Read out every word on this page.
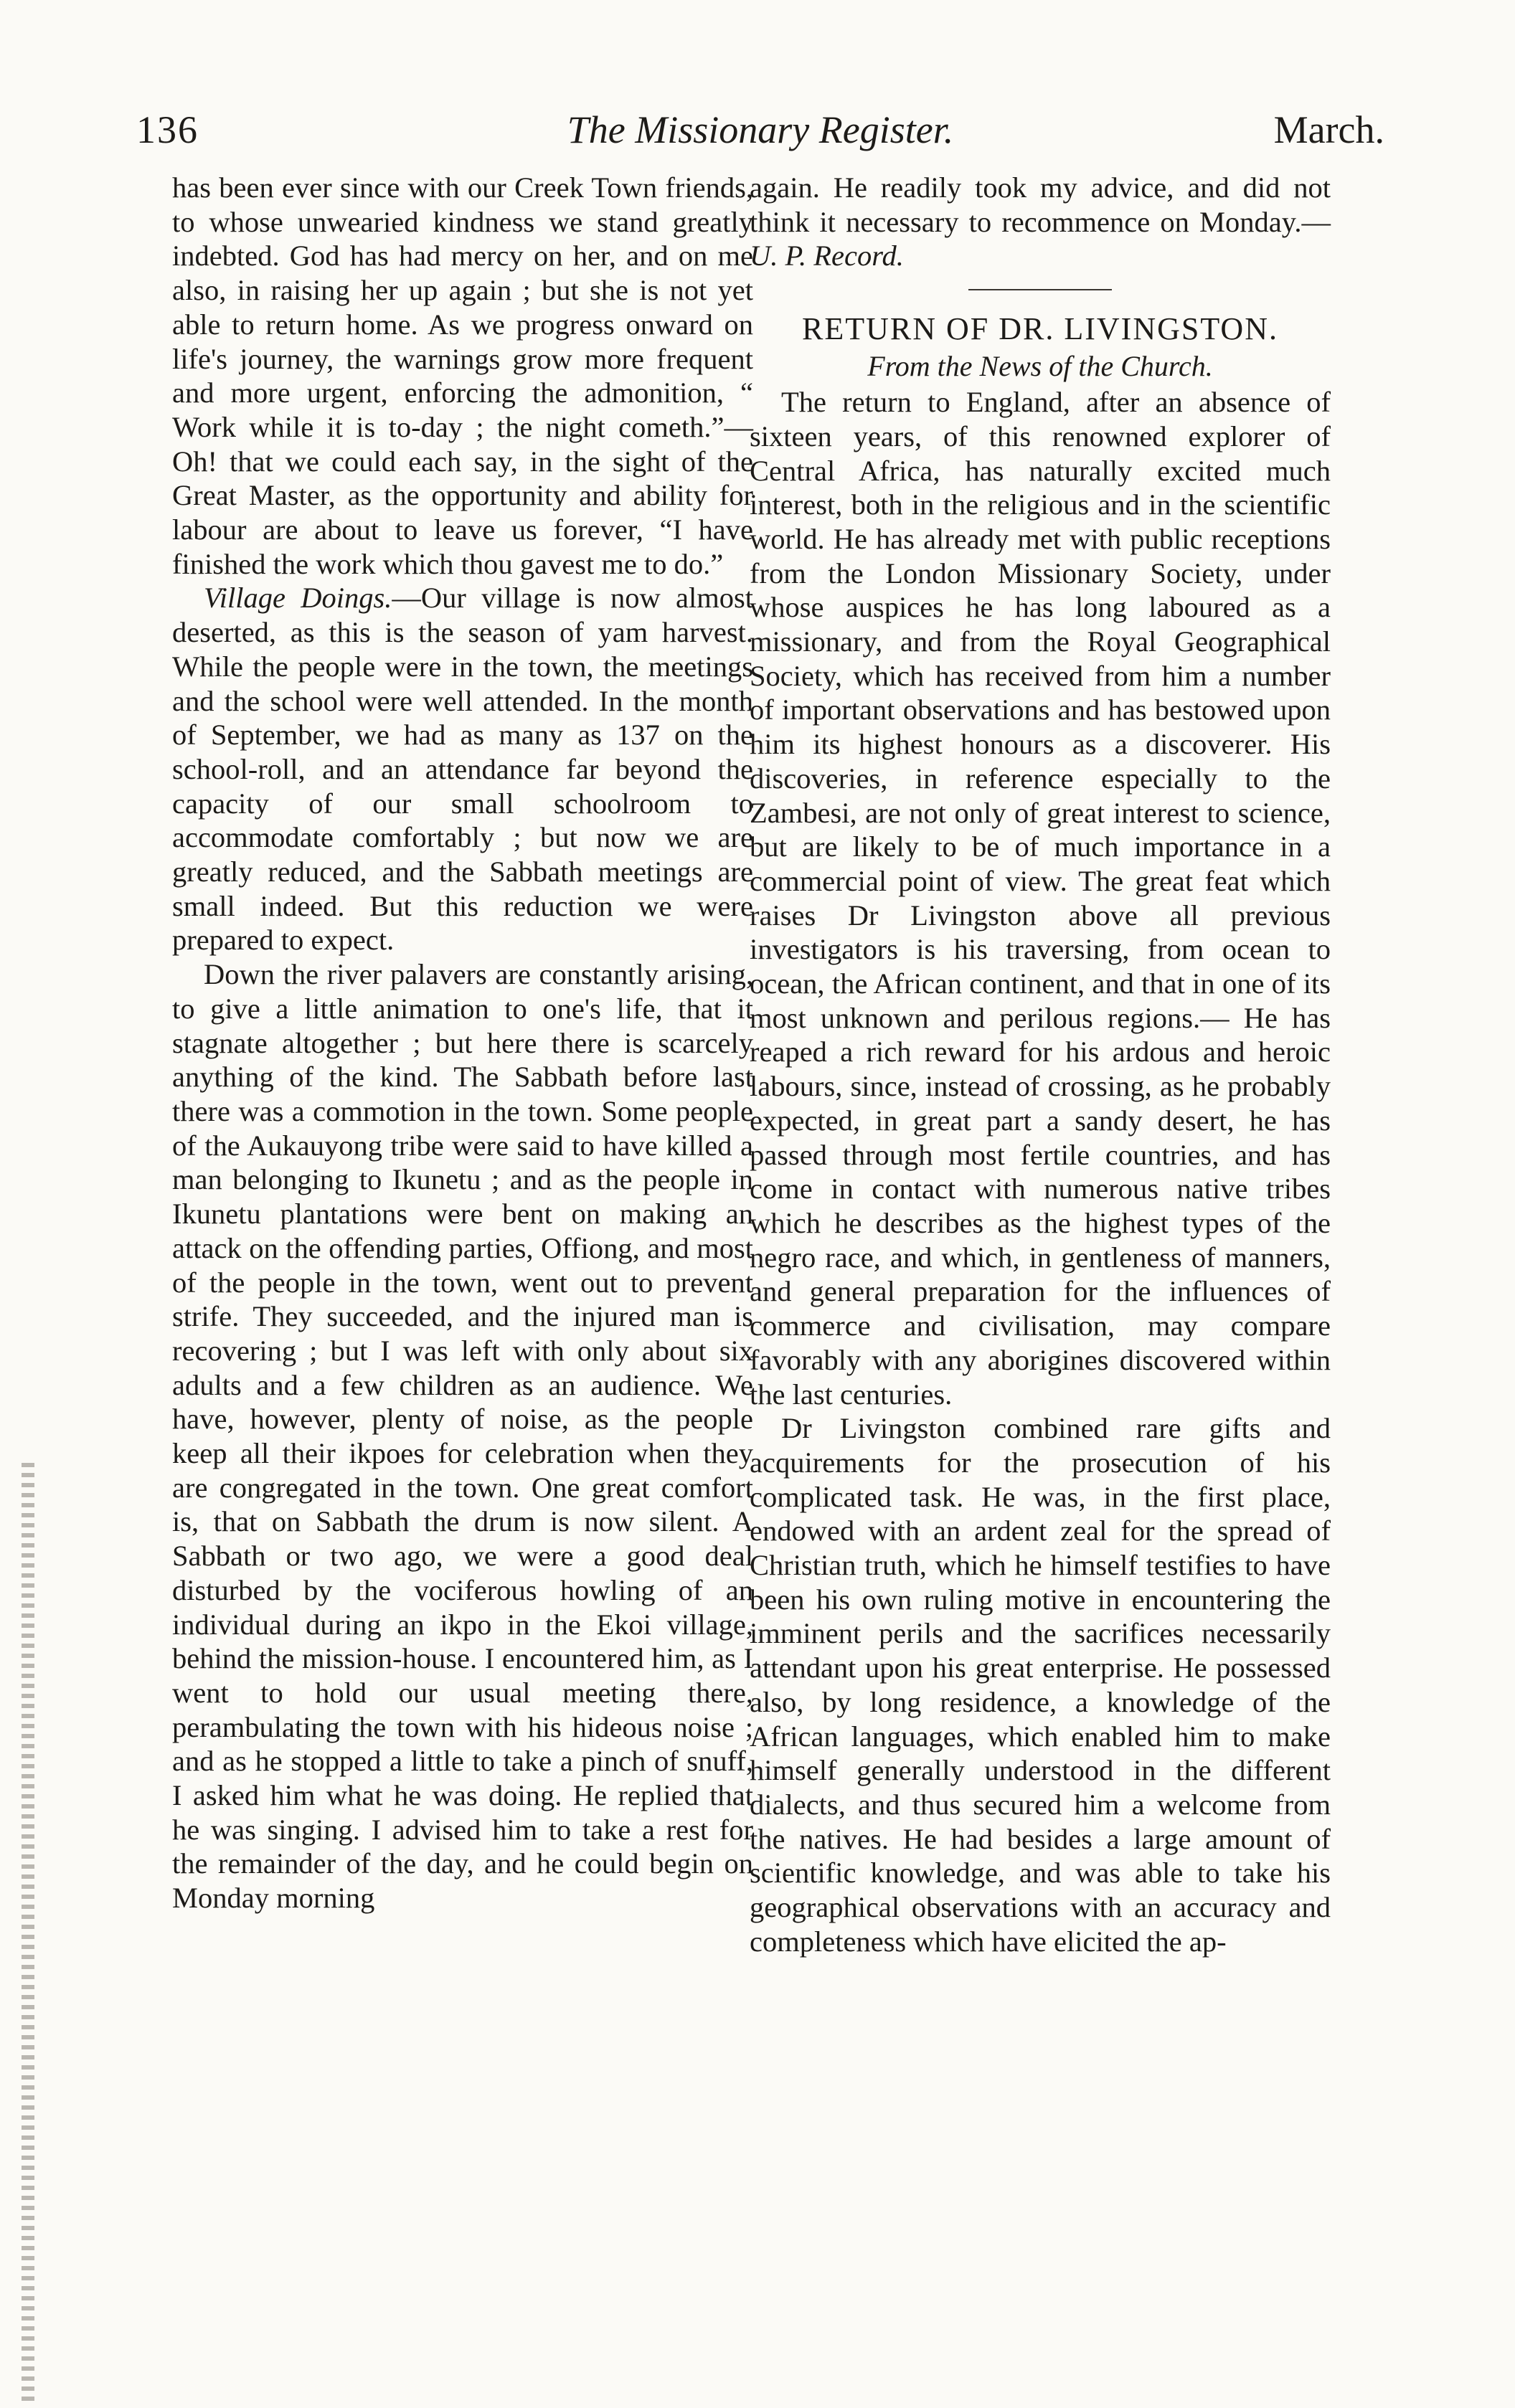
136	The Missionary Register.	March.

has been ever since with our Creek Town friends, to whose unwearied kindness we stand greatly indebted. God has had mercy on her, and on me also, in raising her up again ; but she is not yet able to return home. As we progress onward on life's journey, the warnings grow more frequent and more urgent, enforcing the admonition, “ Work while it is to-day ; the night cometh.”— Oh! that we could each say, in the sight of the Great Master, as the opportunity and ability for labour are about to leave us forever, “I have finished the work which thou gavest me to do.”

Village Doings.—Our village is now almost deserted, as this is the season of yam harvest. While the people were in the town, the meetings and the school were well attended. In the month of September, we had as many as 137 on the school-roll, and an attendance far beyond the capacity of our small schoolroom to accommodate comfortably ; but now we are greatly reduced, and the Sabbath meetings are small indeed. But this reduction we were prepared to expect.

Down the river palavers are constantly arising, to give a little animation to one's life, that it stagnate altogether ; but here there is scarcely anything of the kind. The Sabbath before last there was a commotion in the town. Some people of the Aukauyong tribe were said to have killed a man belonging to Ikunetu ; and as the people in Ikunetu plantations were bent on making an attack on the offending parties, Offiong, and most of the people in the town, went out to prevent strife. They succeeded, and the injured man is recovering ; but I was left with only about six adults and a few children as an audience. We have, however, plenty of noise, as the people keep all their ikpoes for celebration when they are congregated in the town. One great comfort is, that on Sabbath the drum is now silent. A Sabbath or two ago, we were a good deal disturbed by the vociferous howling of an individual during an ikpo in the Ekoi village, behind the mission-house. I encountered him, as I went to hold our usual meeting there, perambulating the town with his hideous noise ; and as he stopped a little to take a pinch of snuff, I asked him what he was doing. He replied that he was singing. I advised him to take a rest for the remainder of the day, and he could begin on Monday morning

again. He readily took my advice, and did not think it necessary to recommence on Monday.—U. P. Record.

RETURN OF DR. LIVINGSTON.
From the News of the Church.

The return to England, after an absence of sixteen years, of this renowned explorer of Central Africa, has naturally excited much interest, both in the religious and in the scientific world. He has already met with public receptions from the London Missionary Society, under whose auspices he has long laboured as a missionary, and from the Royal Geographical Society, which has received from him a number of important observations and has bestowed upon him its highest honours as a discoverer. His discoveries, in reference especially to the Zambesi, are not only of great interest to science, but are likely to be of much importance in a commercial point of view. The great feat which raises Dr Livingston above all previous investigators is his traversing, from ocean to ocean, the African continent, and that in one of its most unknown and perilous regions.— He has reaped a rich reward for his ardous and heroic labours, since, instead of crossing, as he probably expected, in great part a sandy desert, he has passed through most fertile countries, and has come in contact with numerous native tribes which he describes as the highest types of the negro race, and which, in gentleness of manners, and general preparation for the influences of commerce and civilisation, may compare favorably with any aborigines discovered within the last centuries.

Dr Livingston combined rare gifts and acquirements for the prosecution of his complicated task. He was, in the first place, endowed with an ardent zeal for the spread of Christian truth, which he himself testifies to have been his own ruling motive in encountering the imminent perils and the sacrifices necessarily attendant upon his great enterprise. He possessed also, by long residence, a knowledge of the African languages, which enabled him to make himself generally understood in the different dialects, and thus secured him a welcome from the natives. He had besides a large amount of scientific knowledge, and was able to take his geographical observations with an accuracy and completeness which have elicited the ap-
